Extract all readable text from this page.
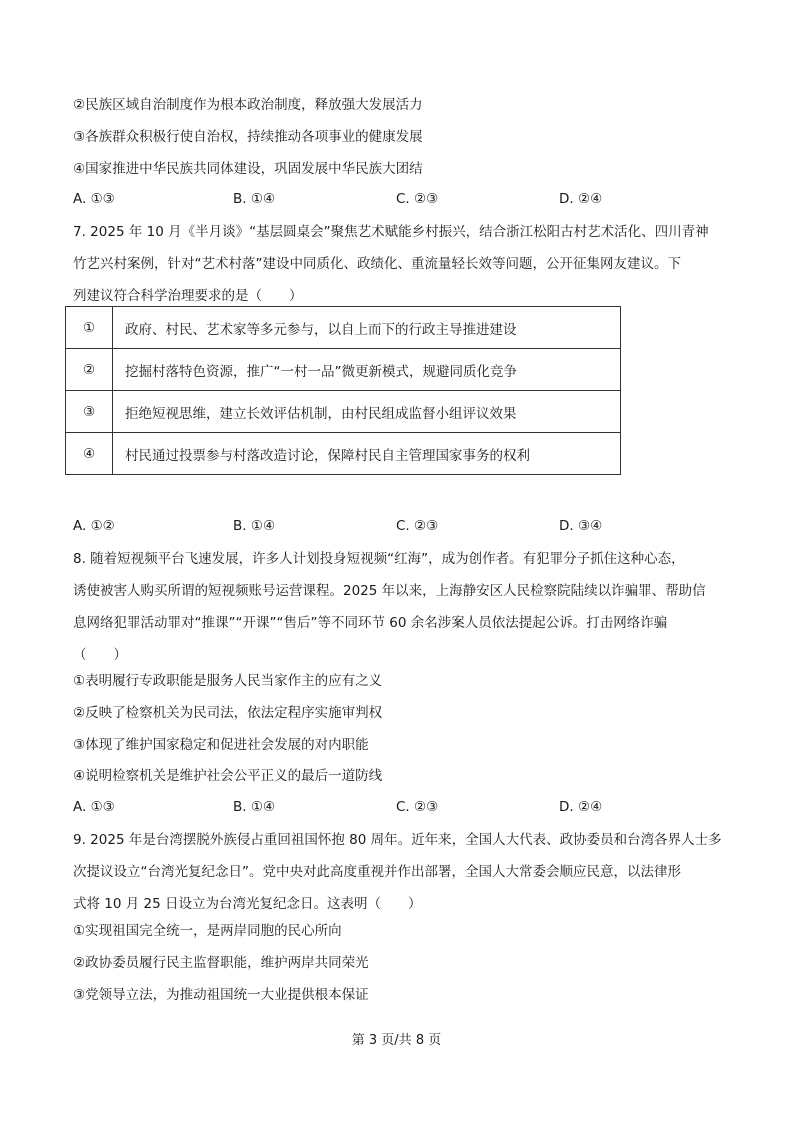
②民族区域自治制度作为根本政治制度，释放强大发展活力
③各族群众积极行使自治权，持续推动各项事业的健康发展
④国家推进中华民族共同体建设，巩固发展中华民族大团结
A. ①③	B. ①④	C. ②③	D. ②④
7. 2025 年 10 月《半月谈》“基层圆桌会”聚焦艺术赋能乡村振兴，结合浙江松阳古村艺术活化、四川青神
竹艺兴村案例，针对“艺术村落”建设中同质化、政绩化、重流量轻长效等问题，公开征集网友建议。下
列建议符合科学治理要求的是（　　）
①	政府、村民、艺术家等多元参与，以自上而下的行政主导推进建设
②	挖掘村落特色资源，推广“一村一品”微更新模式，规避同质化竞争
③	拒绝短视思维，建立长效评估机制，由村民组成监督小组评议效果
④	村民通过投票参与村落改造讨论，保障村民自主管理国家事务的权利
A. ①②	B. ①④	C. ②③	D. ③④
8. 随着短视频平台飞速发展，许多人计划投身短视频“红海”，成为创作者。有犯罪分子抓住这种心态，
诱使被害人购买所谓的短视频账号运营课程。2025 年以来，上海静安区人民检察院陆续以诈骗罪、帮助信
息网络犯罪活动罪对“推课”“开课”“售后”等不同环节 60 余名涉案人员依法提起公诉。打击网络诈骗
（　　）
①表明履行专政职能是服务人民当家作主的应有之义
②反映了检察机关为民司法，依法定程序实施审判权
③体现了维护国家稳定和促进社会发展的对内职能
④说明检察机关是维护社会公平正义的最后一道防线
A. ①③	B. ①④	C. ②③	D. ②④
9. 2025 年是台湾摆脱外族侵占重回祖国怀抱 80 周年。近年来，全国人大代表、政协委员和台湾各界人士多
次提议设立“台湾光复纪念日”。党中央对此高度重视并作出部署，全国人大常委会顺应民意，以法律形
式将 10 月 25 日设立为台湾光复纪念日。这表明（　　）
①实现祖国完全统一，是两岸同胞的民心所向
②政协委员履行民主监督职能，维护两岸共同荣光
③党领导立法，为推动祖国统一大业提供根本保证
第 3 页/共 8 页
